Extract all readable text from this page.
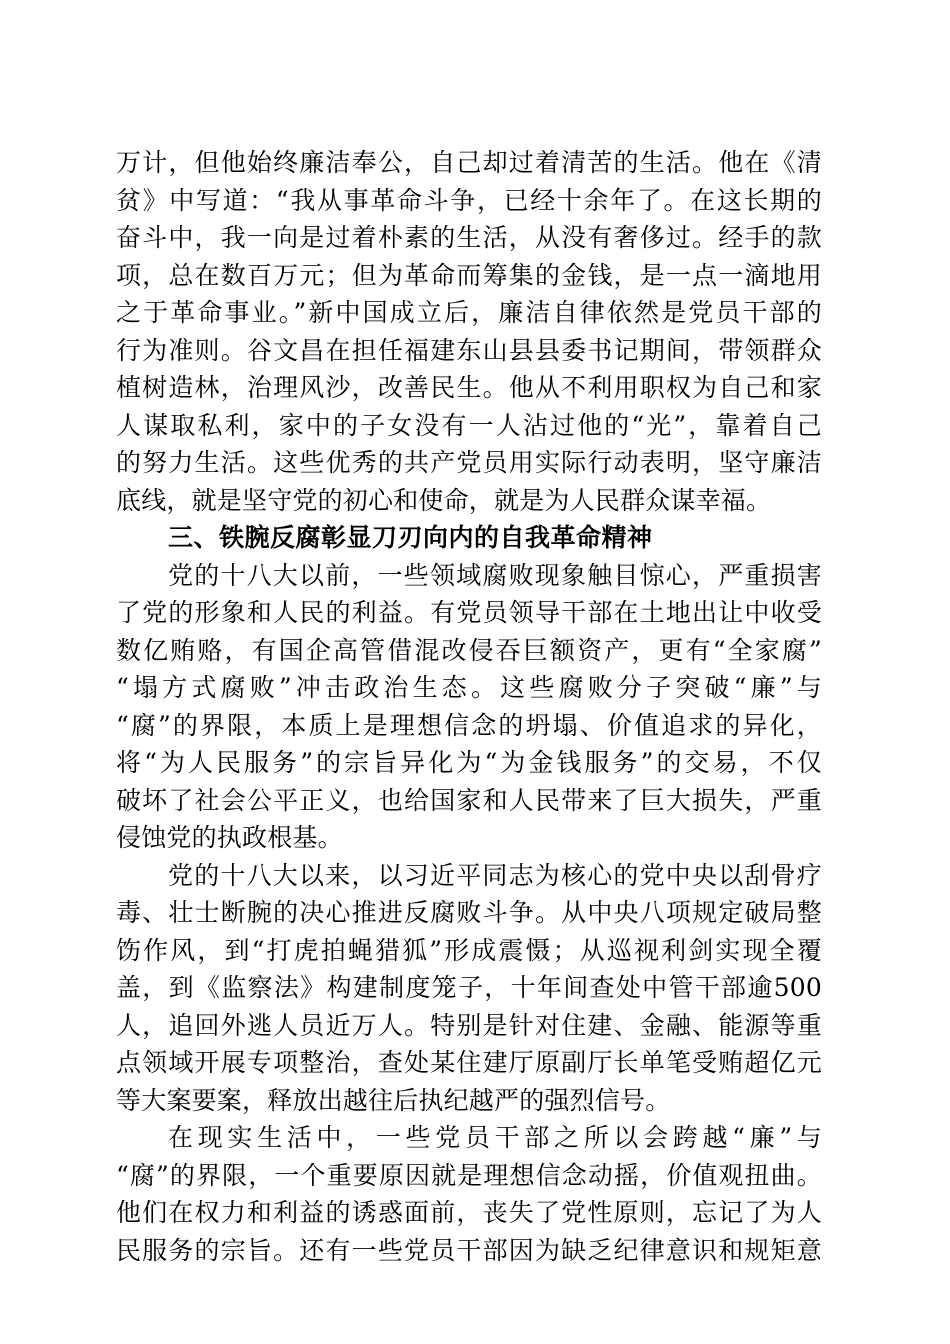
万计，但他始终廉洁奉公，自己却过着清苦的生活。他在《清
贫》中写道：“我从事革命斗争，已经十余年了。在这长期的
奋斗中，我一向是过着朴素的生活，从没有奢侈过。经手的款
项，总在数百万元；但为革命而筹集的金钱，是一点一滴地用
之于革命事业。”新中国成立后，廉洁自律依然是党员干部的
行为准则。谷文昌在担任福建东山县县委书记期间，带领群众
植树造林，治理风沙，改善民生。他从不利用职权为自己和家
人谋取私利，家中的子女没有一人沾过他的“光”，靠着自己
的努力生活。这些优秀的共产党员用实际行动表明，坚守廉洁
底线，就是坚守党的初心和使命，就是为人民群众谋幸福。
三、铁腕反腐彰显刀刃向内的自我革命精神
党的十八大以前，一些领域腐败现象触目惊心，严重损害
了党的形象和人民的利益。有党员领导干部在土地出让中收受
数亿贿赂，有国企高管借混改侵吞巨额资产，更有“全家腐”
“塌方式腐败”冲击政治生态。这些腐败分子突破“廉”与
“腐”的界限，本质上是理想信念的坍塌、价值追求的异化，
将“为人民服务”的宗旨异化为“为金钱服务”的交易，不仅
破坏了社会公平正义，也给国家和人民带来了巨大损失，严重
侵蚀党的执政根基。
党的十八大以来，以习近平同志为核心的党中央以刮骨疗
毒、壮士断腕的决心推进反腐败斗争。从中央八项规定破局整
饬作风，到“打虎拍蝇猎狐”形成震慑；从巡视利剑实现全覆
盖，到《监察法》构建制度笼子，十年间查处中管干部逾500
人，追回外逃人员近万人。特别是针对住建、金融、能源等重
点领域开展专项整治，查处某住建厅原副厅长单笔受贿超亿元
等大案要案，释放出越往后执纪越严的强烈信号。
在现实生活中，一些党员干部之所以会跨越“廉”与
“腐”的界限，一个重要原因就是理想信念动摇，价值观扭曲。
他们在权力和利益的诱惑面前，丧失了党性原则，忘记了为人
民服务的宗旨。还有一些党员干部因为缺乏纪律意识和规矩意
